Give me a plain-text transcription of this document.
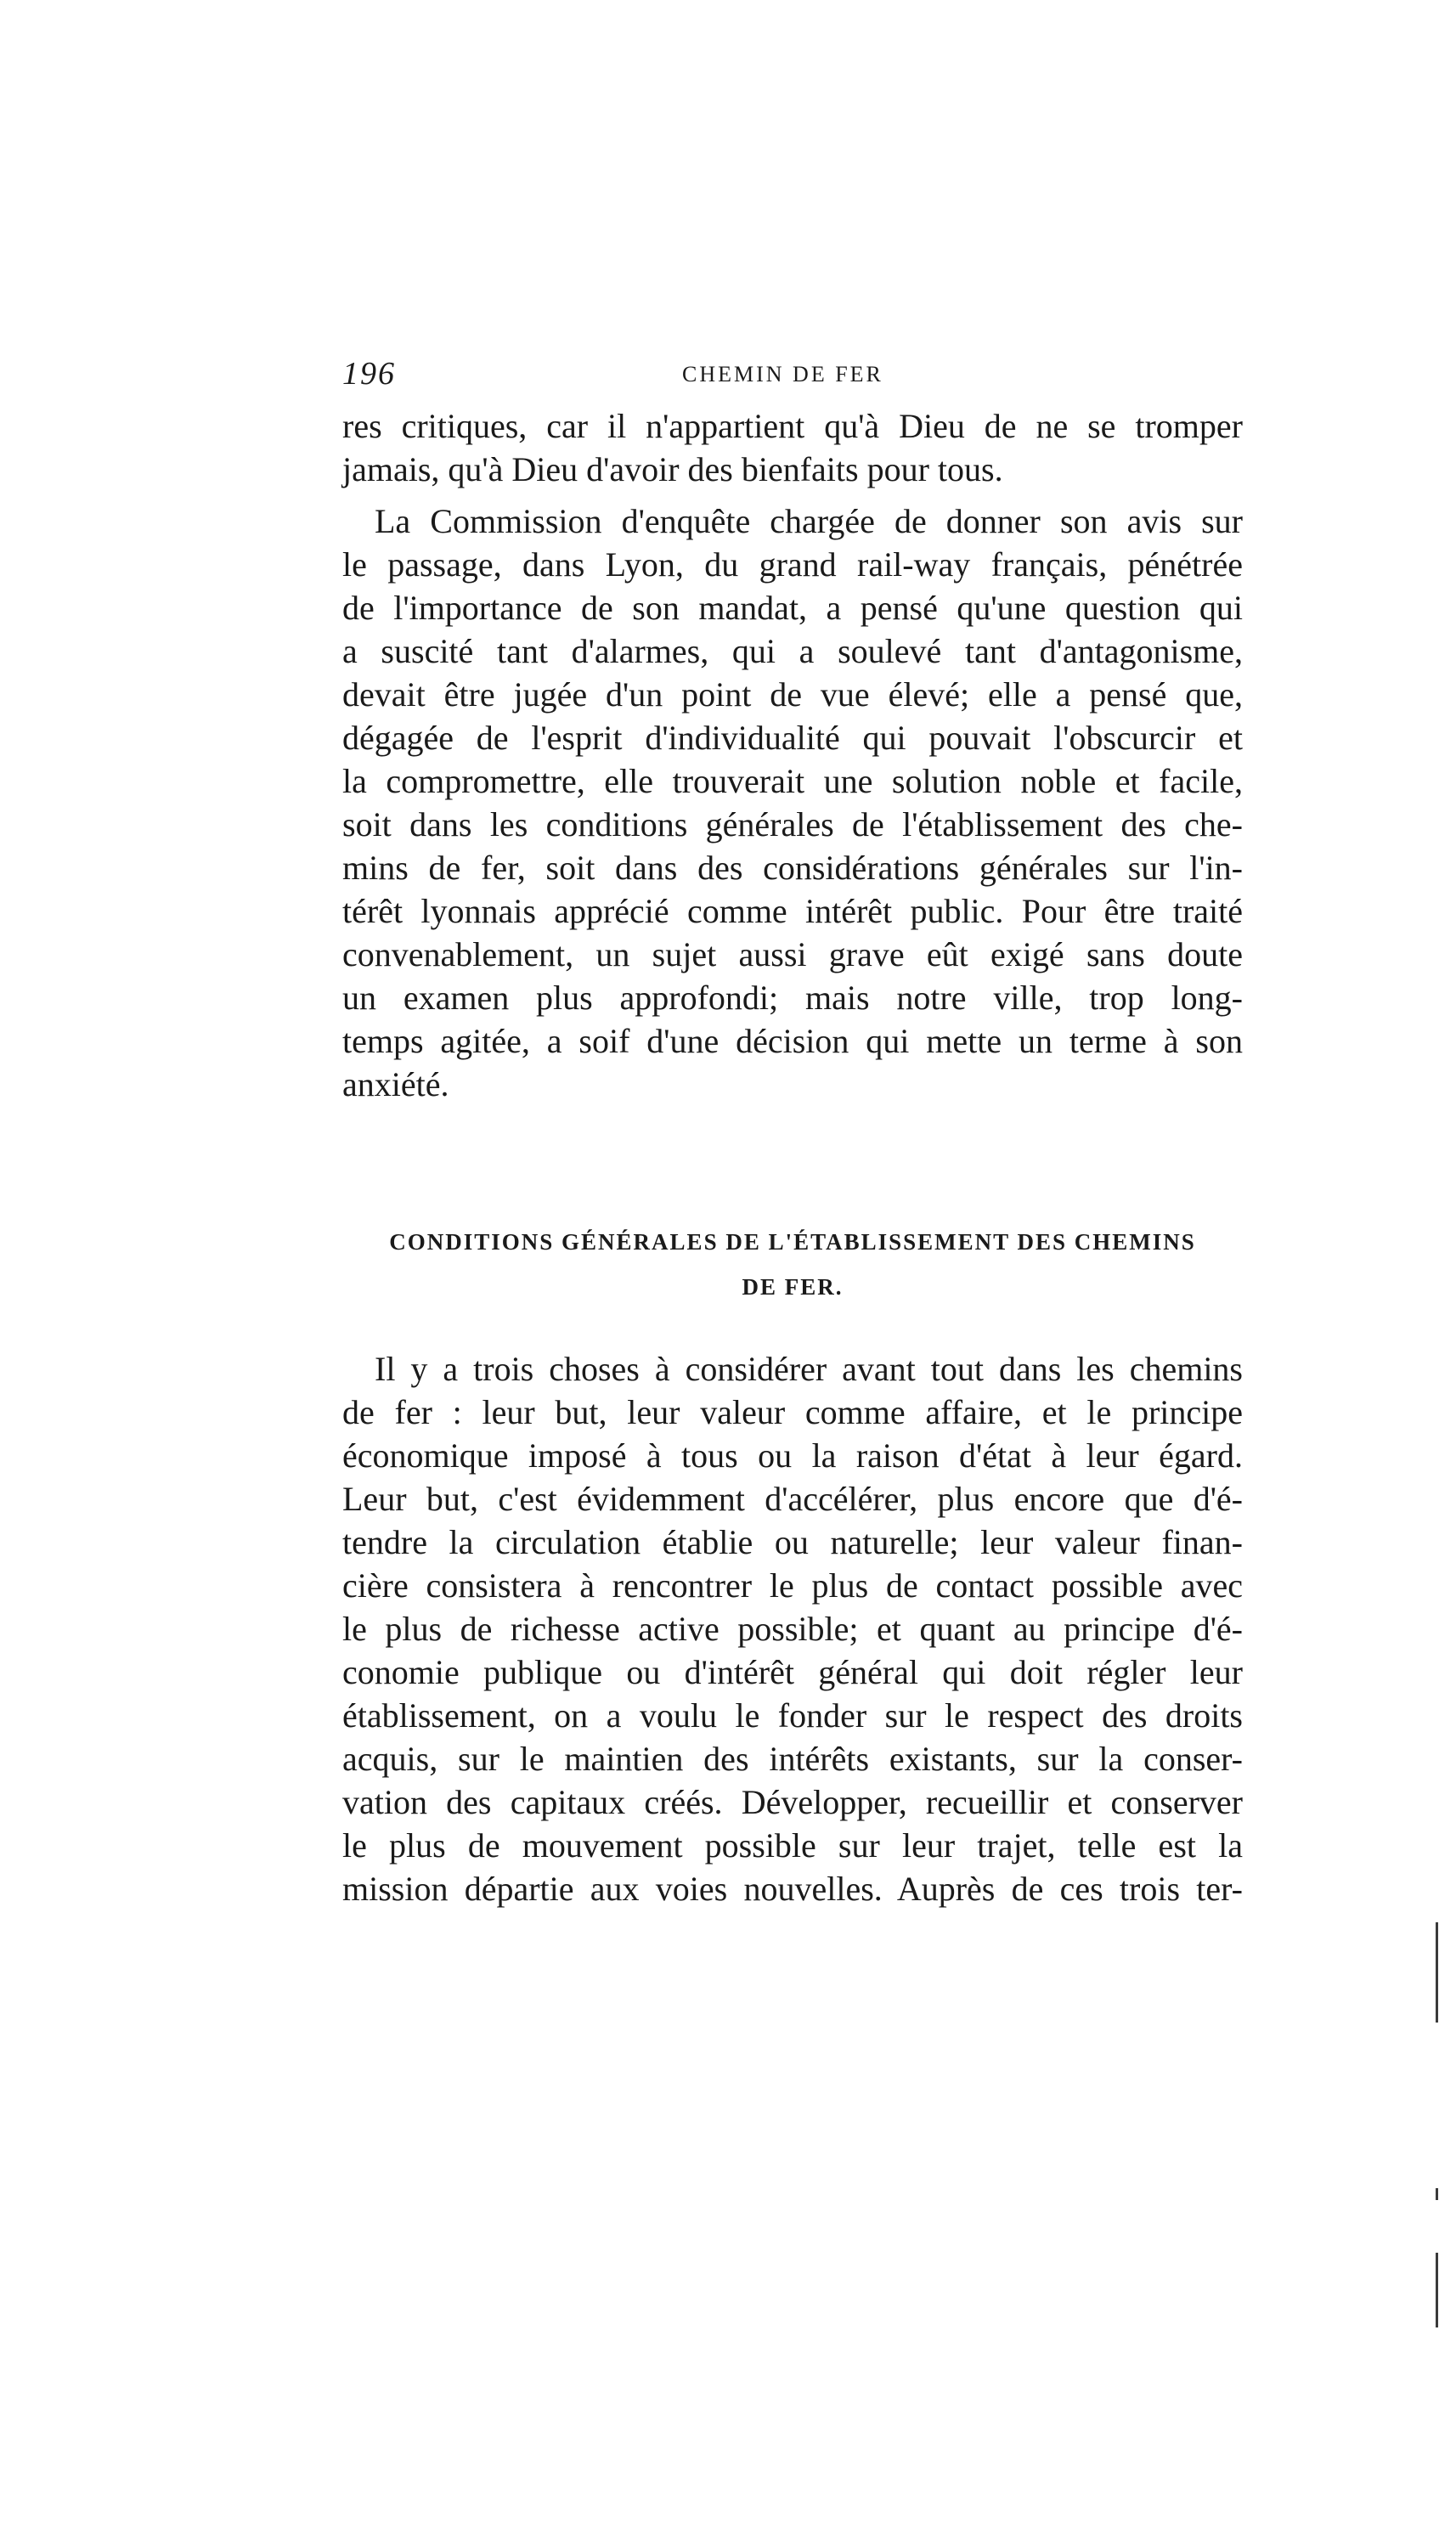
196	CHEMIN DE FER
res critiques, car il n'appartient qu'à Dieu de ne se tromper
jamais, qu'à Dieu d'avoir des bienfaits pour tous.
La Commission d'enquête chargée de donner son avis sur
le passage, dans Lyon, du grand rail-way français, pénétrée
de l'importance de son mandat, a pensé qu'une question qui
a suscité tant d'alarmes, qui a soulevé tant d'antagonisme,
devait être jugée d'un point de vue élevé; elle a pensé que,
dégagée de l'esprit d'individualité qui pouvait l'obscurcir et
la compromettre, elle trouverait une solution noble et facile,
soit dans les conditions générales de l'établissement des che-
mins de fer, soit dans des considérations générales sur l'in-
térêt lyonnais apprécié comme intérêt public. Pour être traité
convenablement, un sujet aussi grave eût exigé sans doute
un examen plus approfondi; mais notre ville, trop long-
temps agitée, a soif d'une décision qui mette un terme à son
anxiété.
CONDITIONS GÉNÉRALES DE L'ÉTABLISSEMENT DES CHEMINS
DE FER.
Il y a trois choses à considérer avant tout dans les chemins
de fer : leur but, leur valeur comme affaire, et le principe
économique imposé à tous ou la raison d'état à leur égard.
Leur but, c'est évidemment d'accélérer, plus encore que d'é-
tendre la circulation établie ou naturelle; leur valeur finan-
cière consistera à rencontrer le plus de contact possible avec
le plus de richesse active possible; et quant au principe d'é-
conomie publique ou d'intérêt général qui doit régler leur
établissement, on a voulu le fonder sur le respect des droits
acquis, sur le maintien des intérêts existants, sur la conser-
vation des capitaux créés. Développer, recueillir et conserver
le plus de mouvement possible sur leur trajet, telle est la
mission départie aux voies nouvelles. Auprès de ces trois ter-
